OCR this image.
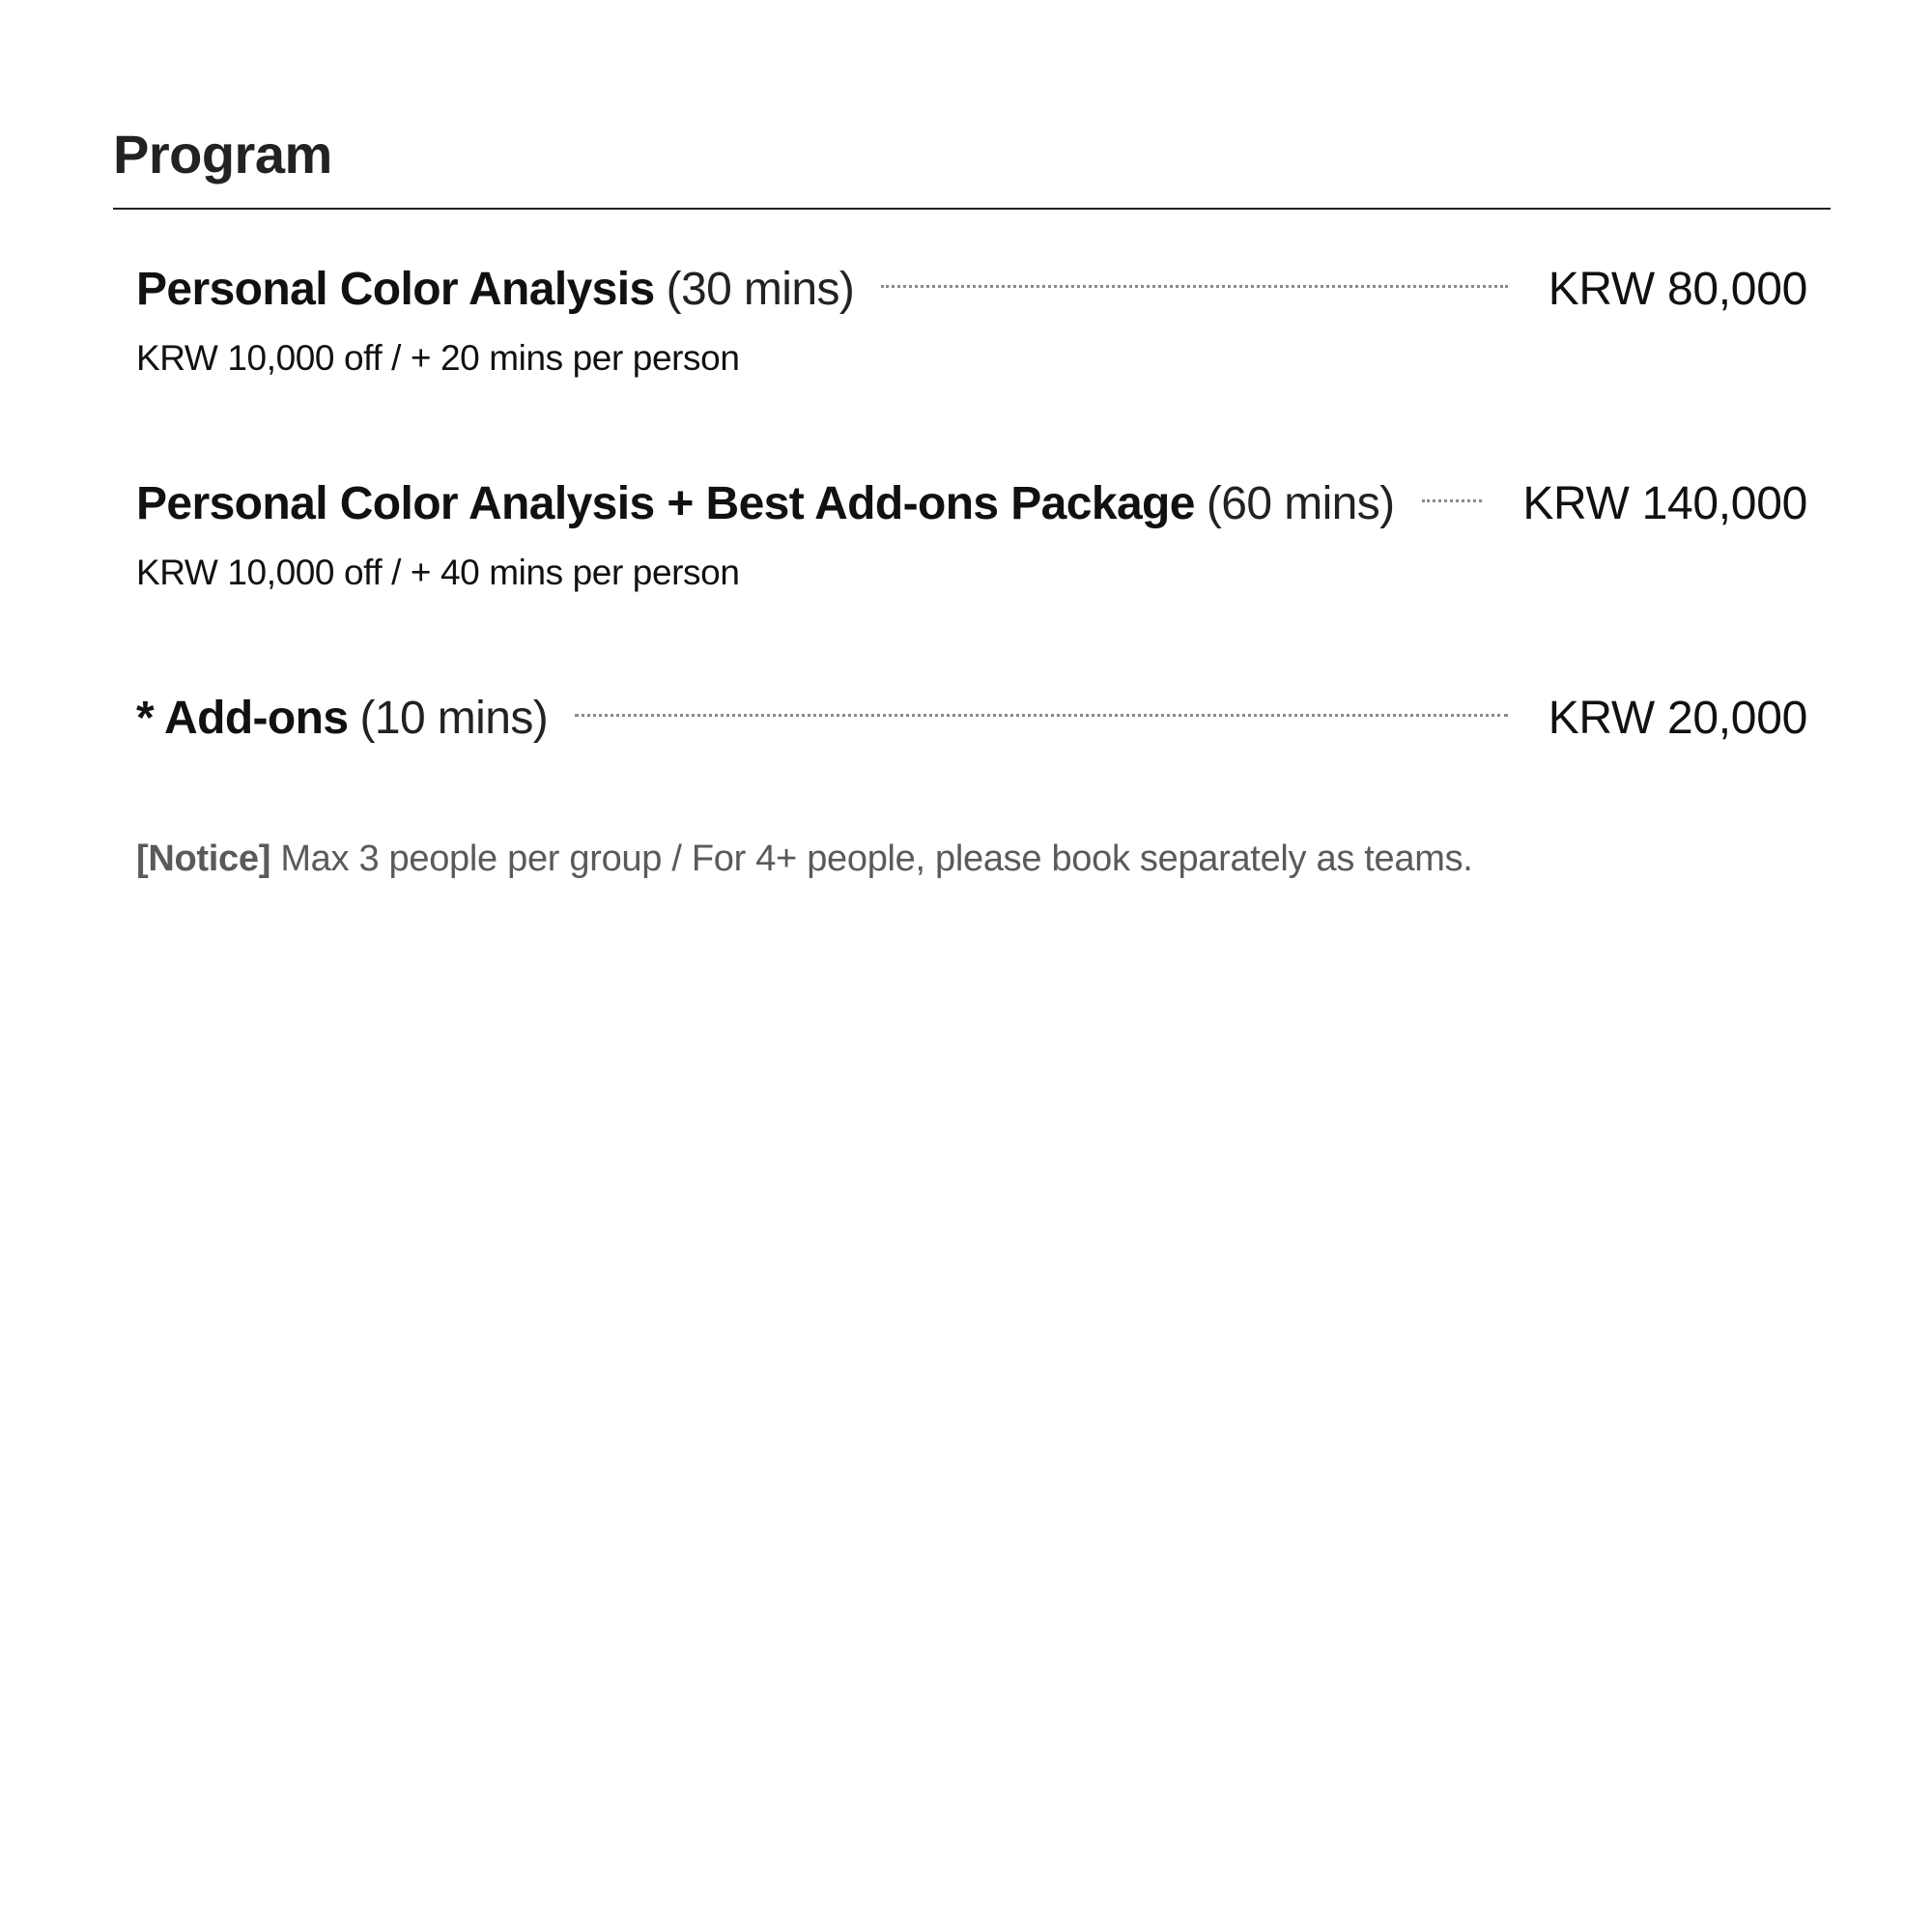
Program
Personal Color Analysis (30 mins)	KRW 80,000
KRW 10,000 off / + 20 mins per person
Personal Color Analysis + Best Add-ons Package (60 mins)	KRW 140,000
KRW 10,000 off / + 40 mins per person
* Add-ons (10 mins)	KRW 20,000
[Notice] Max 3 people per group / For 4+ people, please book separately as teams.
